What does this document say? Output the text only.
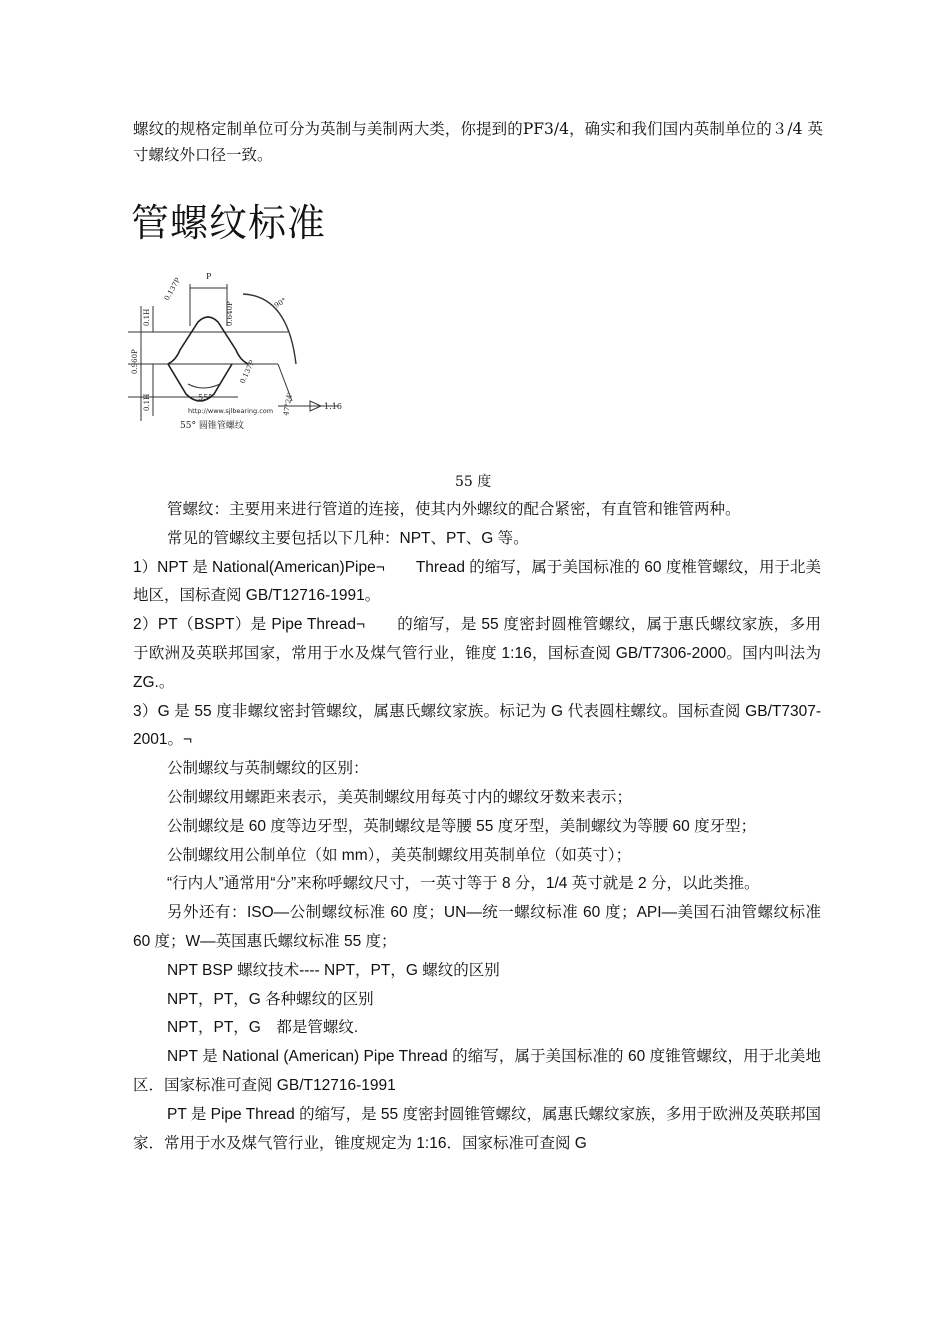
螺纹的规格定制单位可分为英制与美制两大类，你提到的PF3/4，确实和我们国内英制单位的３/4 英寸螺纹外口径一致。
管螺纹标准
P
0.137P
0.640P
0.960P	0.137P
0.1H
0.1H	55°
90°
47°24'	1:16
http://www.sjlbearing.com
55° 圆锥管螺纹
55 度

管螺纹：主要用来进行管道的连接，使其内外螺纹的配合紧密，有直管和锥管两种。

常见的管螺纹主要包括以下几种：NPT、PT、G 等。

1）NPT 是 National(American)Pipe¬　　Thread 的缩写，属于美国标准的 60 度椎管螺纹，用于北美地区，国标查阅 GB/T12716-1991。

2）PT（BSPT）是 Pipe Thread¬　　的缩写，是 55 度密封圆椎管螺纹，属于惠氏螺纹家族，多用于欧洲及英联邦国家，常用于水及煤气管行业，锥度 1:16，国标查阅 GB/T7306-2000。国内叫法为 ZG.。

3）G 是 55 度非螺纹密封管螺纹，属惠氏螺纹家族。标记为 G 代表圆柱螺纹。国标查阅 GB/T7307-2001。¬

公制螺纹与英制螺纹的区别：

公制螺纹用螺距来表示，美英制螺纹用每英寸内的螺纹牙数来表示；

公制螺纹是 60 度等边牙型，英制螺纹是等腰 55 度牙型，美制螺纹为等腰 60 度牙型；

公制螺纹用公制单位（如 mm），美英制螺纹用英制单位（如英寸）；

“行内人”通常用“分”来称呼螺纹尺寸，一英寸等于 8 分，1/4 英寸就是 2 分，以此类推。

另外还有：ISO—公制螺纹标准 60 度；UN—统一螺纹标准 60 度；API—美国石油管螺纹标准 60 度；W—英国惠氏螺纹标准 55 度；

NPT BSP 螺纹技术---- NPT，PT，G 螺纹的区别

NPT，PT，G 各种螺纹的区别

NPT，PT，G　都是管螺纹.

NPT 是 National (American) Pipe Thread 的缩写，属于美国标准的 60 度锥管螺纹，用于北美地区．国家标准可查阅 GB/T12716-1991

PT 是 Pipe Thread 的缩写，是 55 度密封圆锥管螺纹，属惠氏螺纹家族，多用于欧洲及英联邦国家．常用于水及煤气管行业，锥度规定为 1:16．国家标准可查阅 G
